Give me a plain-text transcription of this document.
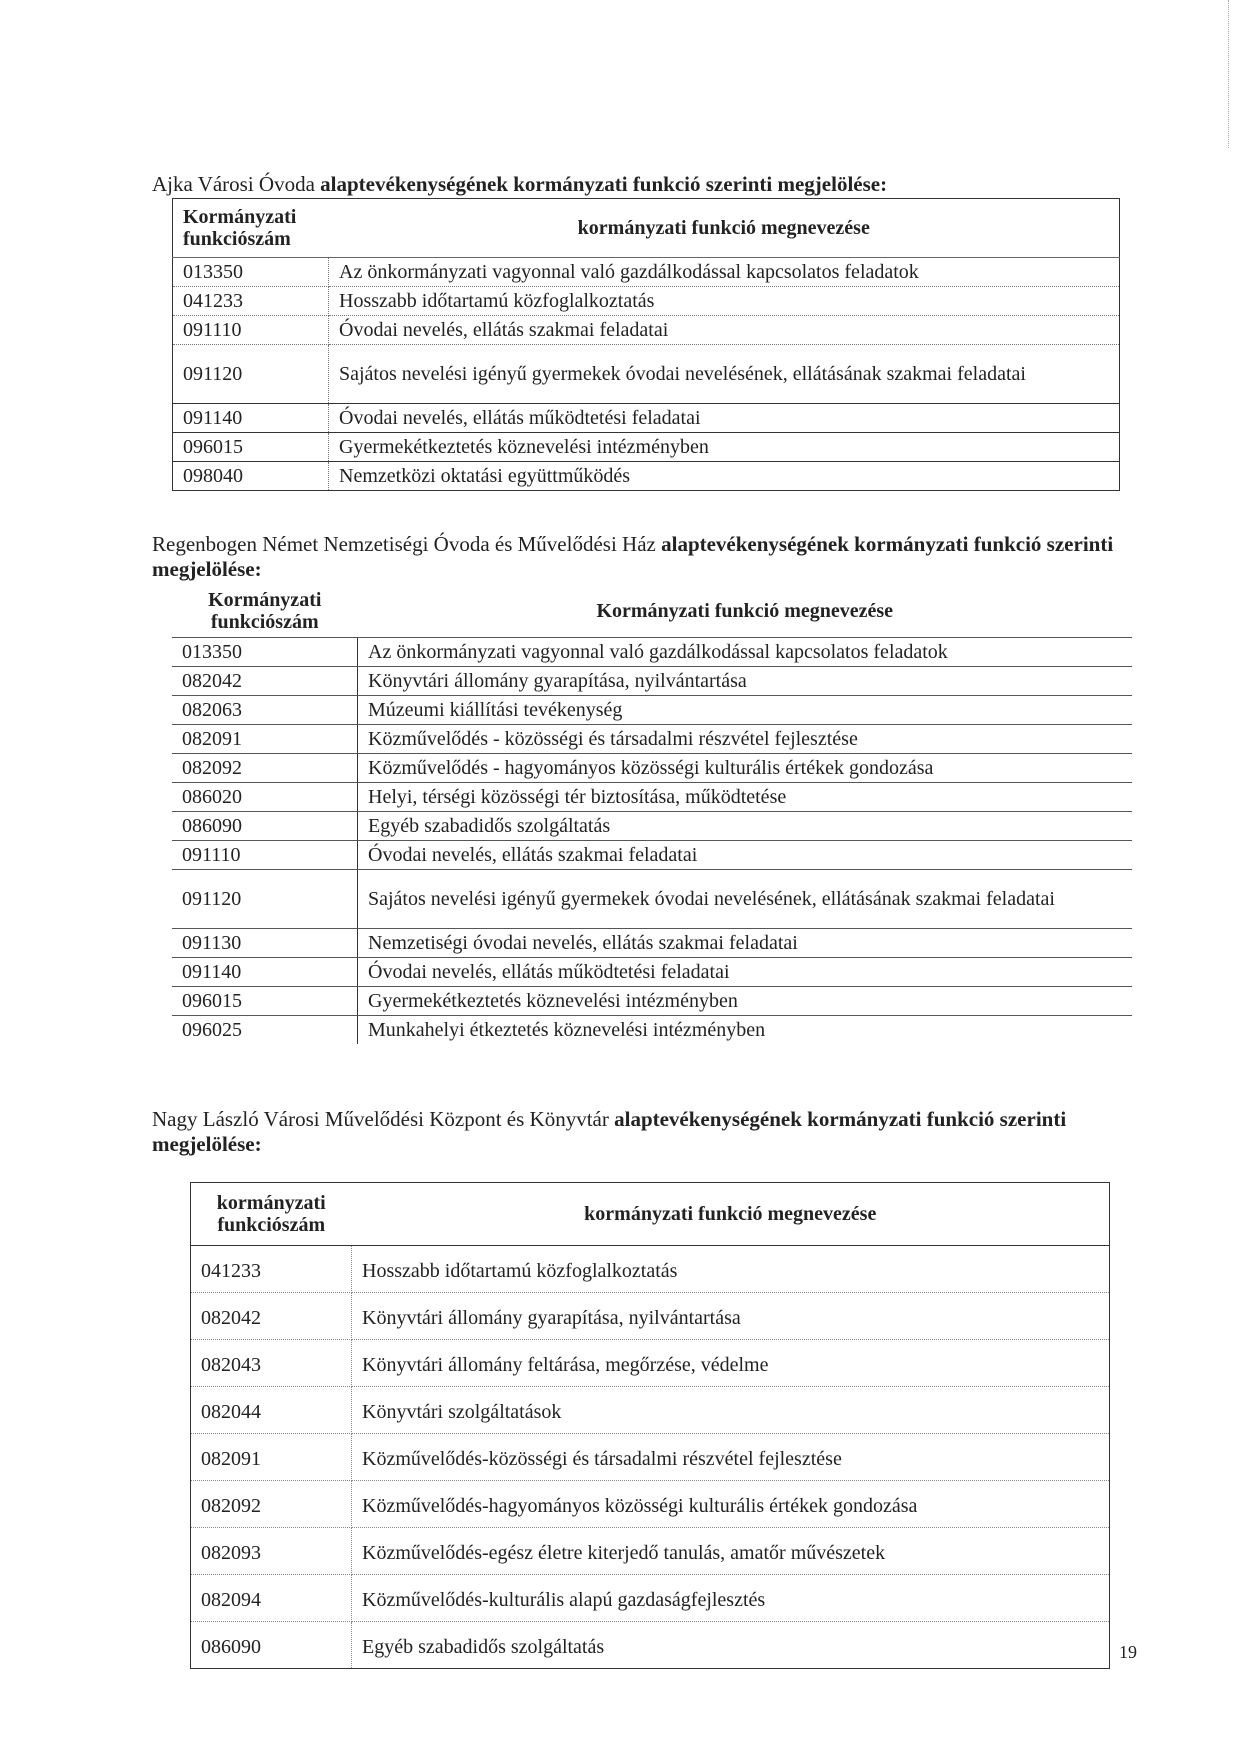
Ajka Városi Óvoda alaptevékenységének kormányzati funkció szerinti megjelölése:
Kormányzati funkciószám	kormányzati funkció megnevezése
013350	Az önkormányzati vagyonnal való gazdálkodással kapcsolatos feladatok
041233	Hosszabb időtartamú közfoglalkoztatás
091110	Óvodai nevelés, ellátás szakmai feladatai
091120	Sajátos nevelési igényű gyermekek óvodai nevelésének, ellátásának szakmai feladatai
091140	Óvodai nevelés, ellátás működtetési feladatai
096015	Gyermekétkeztetés köznevelési intézményben
098040	Nemzetközi oktatási együttműködés
Regenbogen Német Nemzetiségi Óvoda és Művelődési Ház alaptevékenységének kormányzati funkció szerinti megjelölése:
Kormányzati funkciószám	Kormányzati funkció megnevezése
013350	Az önkormányzati vagyonnal való gazdálkodással kapcsolatos feladatok
082042	Könyvtári állomány gyarapítása, nyilvántartása
082063	Múzeumi kiállítási tevékenység
082091	Közművelődés - közösségi és társadalmi részvétel fejlesztése
082092	Közművelődés - hagyományos közösségi kulturális értékek gondozása
086020	Helyi, térségi közösségi tér biztosítása, működtetése
086090	Egyéb szabadidős szolgáltatás
091110	Óvodai nevelés, ellátás szakmai feladatai
091120	Sajátos nevelési igényű gyermekek óvodai nevelésének, ellátásának szakmai feladatai
091130	Nemzetiségi óvodai nevelés, ellátás szakmai feladatai
091140	Óvodai nevelés, ellátás működtetési feladatai
096015	Gyermekétkeztetés köznevelési intézményben
096025	Munkahelyi étkeztetés köznevelési intézményben
Nagy László Városi Művelődési Központ és Könyvtár alaptevékenységének kormányzati funkció szerinti megjelölése:
kormányzati funkciószám	kormányzati funkció megnevezése
041233	Hosszabb időtartamú közfoglalkoztatás
082042	Könyvtári állomány gyarapítása, nyilvántartása
082043	Könyvtári állomány feltárása, megőrzése, védelme
082044	Könyvtári szolgáltatások
082091	Közművelődés-közösségi és társadalmi részvétel fejlesztése
082092	Közművelődés-hagyományos közösségi kulturális értékek gondozása
082093	Közművelődés-egész életre kiterjedő tanulás, amatőr művészetek
082094	Közművelődés-kulturális alapú gazdaságfejlesztés
086090	Egyéb szabadidős szolgáltatás	19
